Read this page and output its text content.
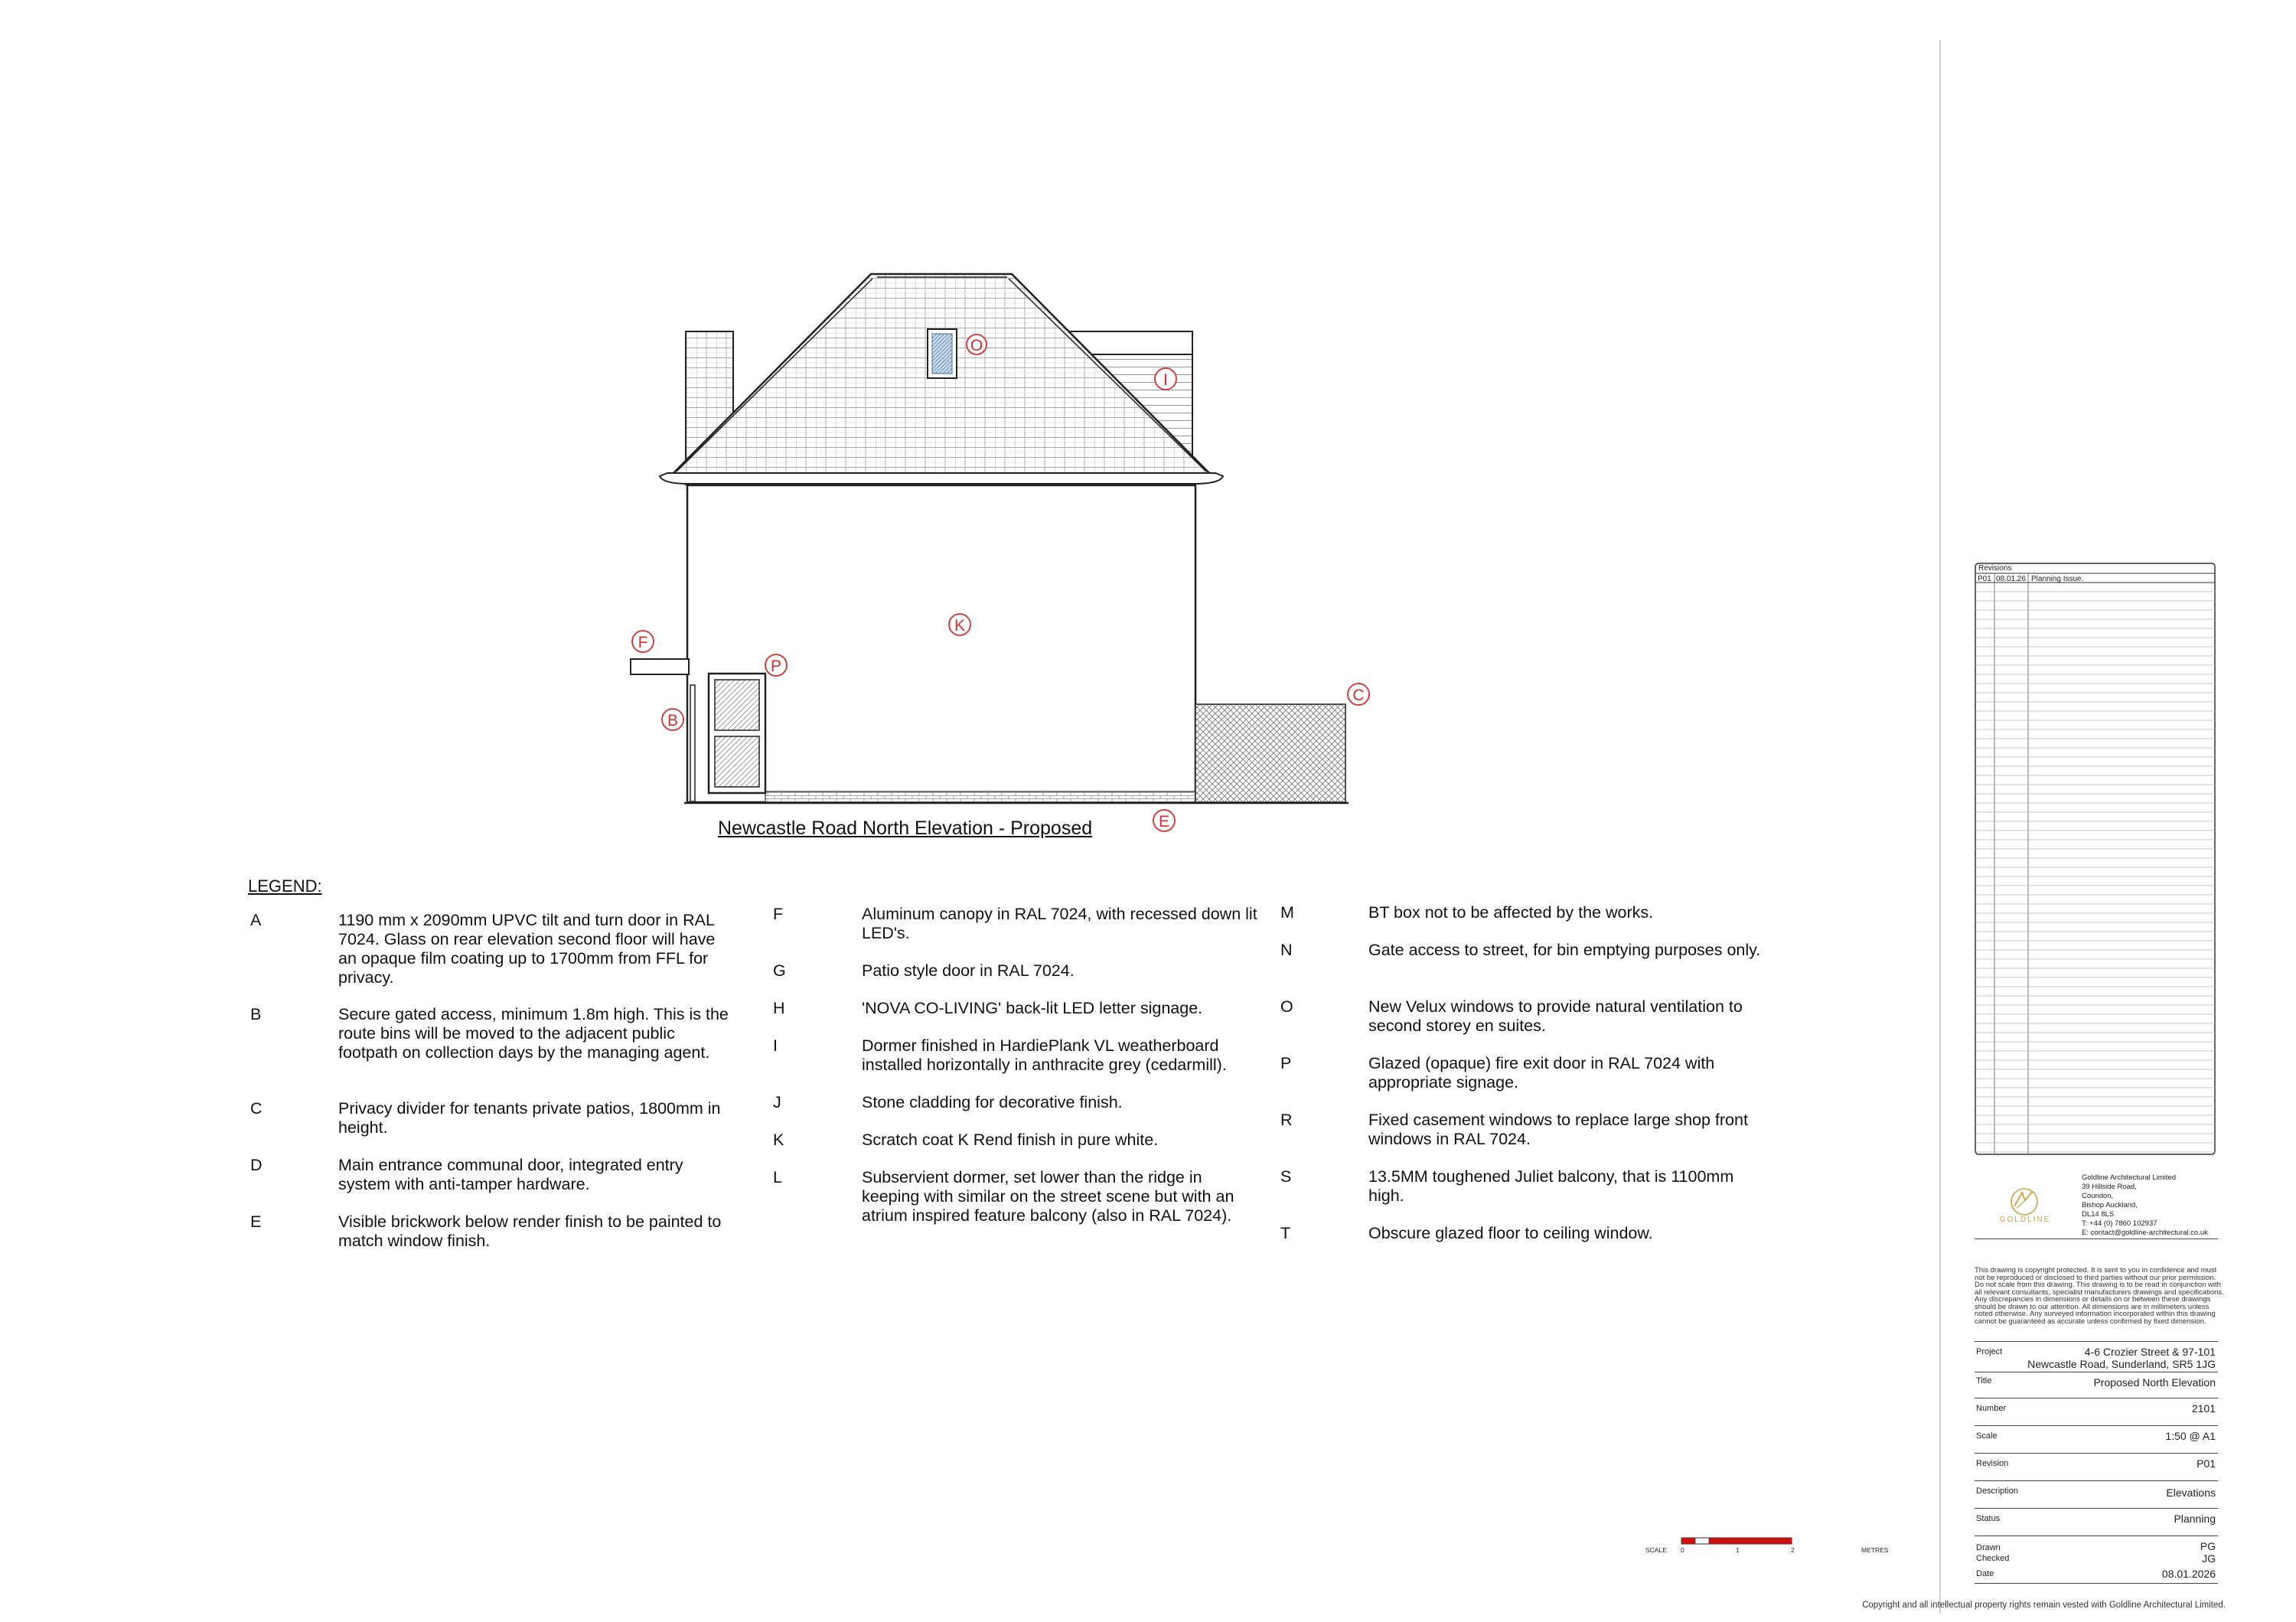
O
I
K
F
P
B
C
E
Newcastle Road North Elevation - Proposed
LEGEND:
A	1190 mm x 2090mm UPVC tilt and turn door in RAL 7024. Glass on rear elevation second floor will have an opaque film coating up to 1700mm from FFL for privacy.
B	Secure gated access, minimum 1.8m high. This is the route bins will be moved to the adjacent public footpath on collection days by the managing agent.
C	Privacy divider for tenants private patios, 1800mm in height.
D	Main entrance communal door, integrated entry system with anti-tamper hardware.
E	Visible brickwork below render finish to be painted to match window finish.
F	Aluminum canopy in RAL 7024, with recessed down lit LED's.
G	Patio style door in RAL 7024.
H	'NOVA CO-LIVING' back-lit LED letter signage.
I	Dormer finished in HardiePlank VL weatherboard installed horizontally in anthracite grey (cedarmill).
J	Stone cladding for decorative finish.
K	Scratch coat K Rend finish in pure white.
L	Subservient dormer, set lower than the ridge in keeping with similar on the street scene but with an atrium inspired feature balcony (also in RAL 7024).
M	BT box not to be affected by the works.
N	Gate access to street, for bin emptying purposes only.
O	New Velux windows to provide natural ventilation to second storey en suites.
P	Glazed (opaque) fire exit door in RAL 7024 with appropriate signage.
R	Fixed casement windows to replace large shop front windows in RAL 7024.
S	13.5MM toughened Juliet balcony, that is 1100mm high.
T	Obscure glazed floor to ceiling window.
Revisions
P01 08.01.26 Planning Issue.
GOLDLINE
Goldline Architectural Limited
39 Hillside Road,
Coundon,
Bishop Auckland,
DL14 8LS
T: +44 (0) 7860 102937
E: contact@goldline-architectural.co.uk
This drawing is copyright protected. It is sent to you in confidence and must not be reproduced or disclosed to third parties without our prior permission. Do not scale from this drawing. This drawing is to be read in conjunction with all relevant consultants, specialist manufacturers drawings and specifications. Any discrepancies in dimensions or details on or between these drawings should be drawn to our attention. All dimensions are in millimeters unless noted otherwise. Any surveyed information incorporated within this drawing cannot be guaranteed as accurate unless confirmed by fixed dimension.
Project	4-6 Crozier Street & 97-101
Newcastle Road, Sunderland, SR5 1JG
Title	Proposed North Elevation
Number	2101
Scale	1:50 @ A1
Revision	P01
Description	Elevations
Status	Planning
Drawn	PG
Checked	JG
Date	08.01.2026
SCALE 0	1	2	METRES
Copyright and all intellectual property rights remain vested with Goldline Architectural Limited.
